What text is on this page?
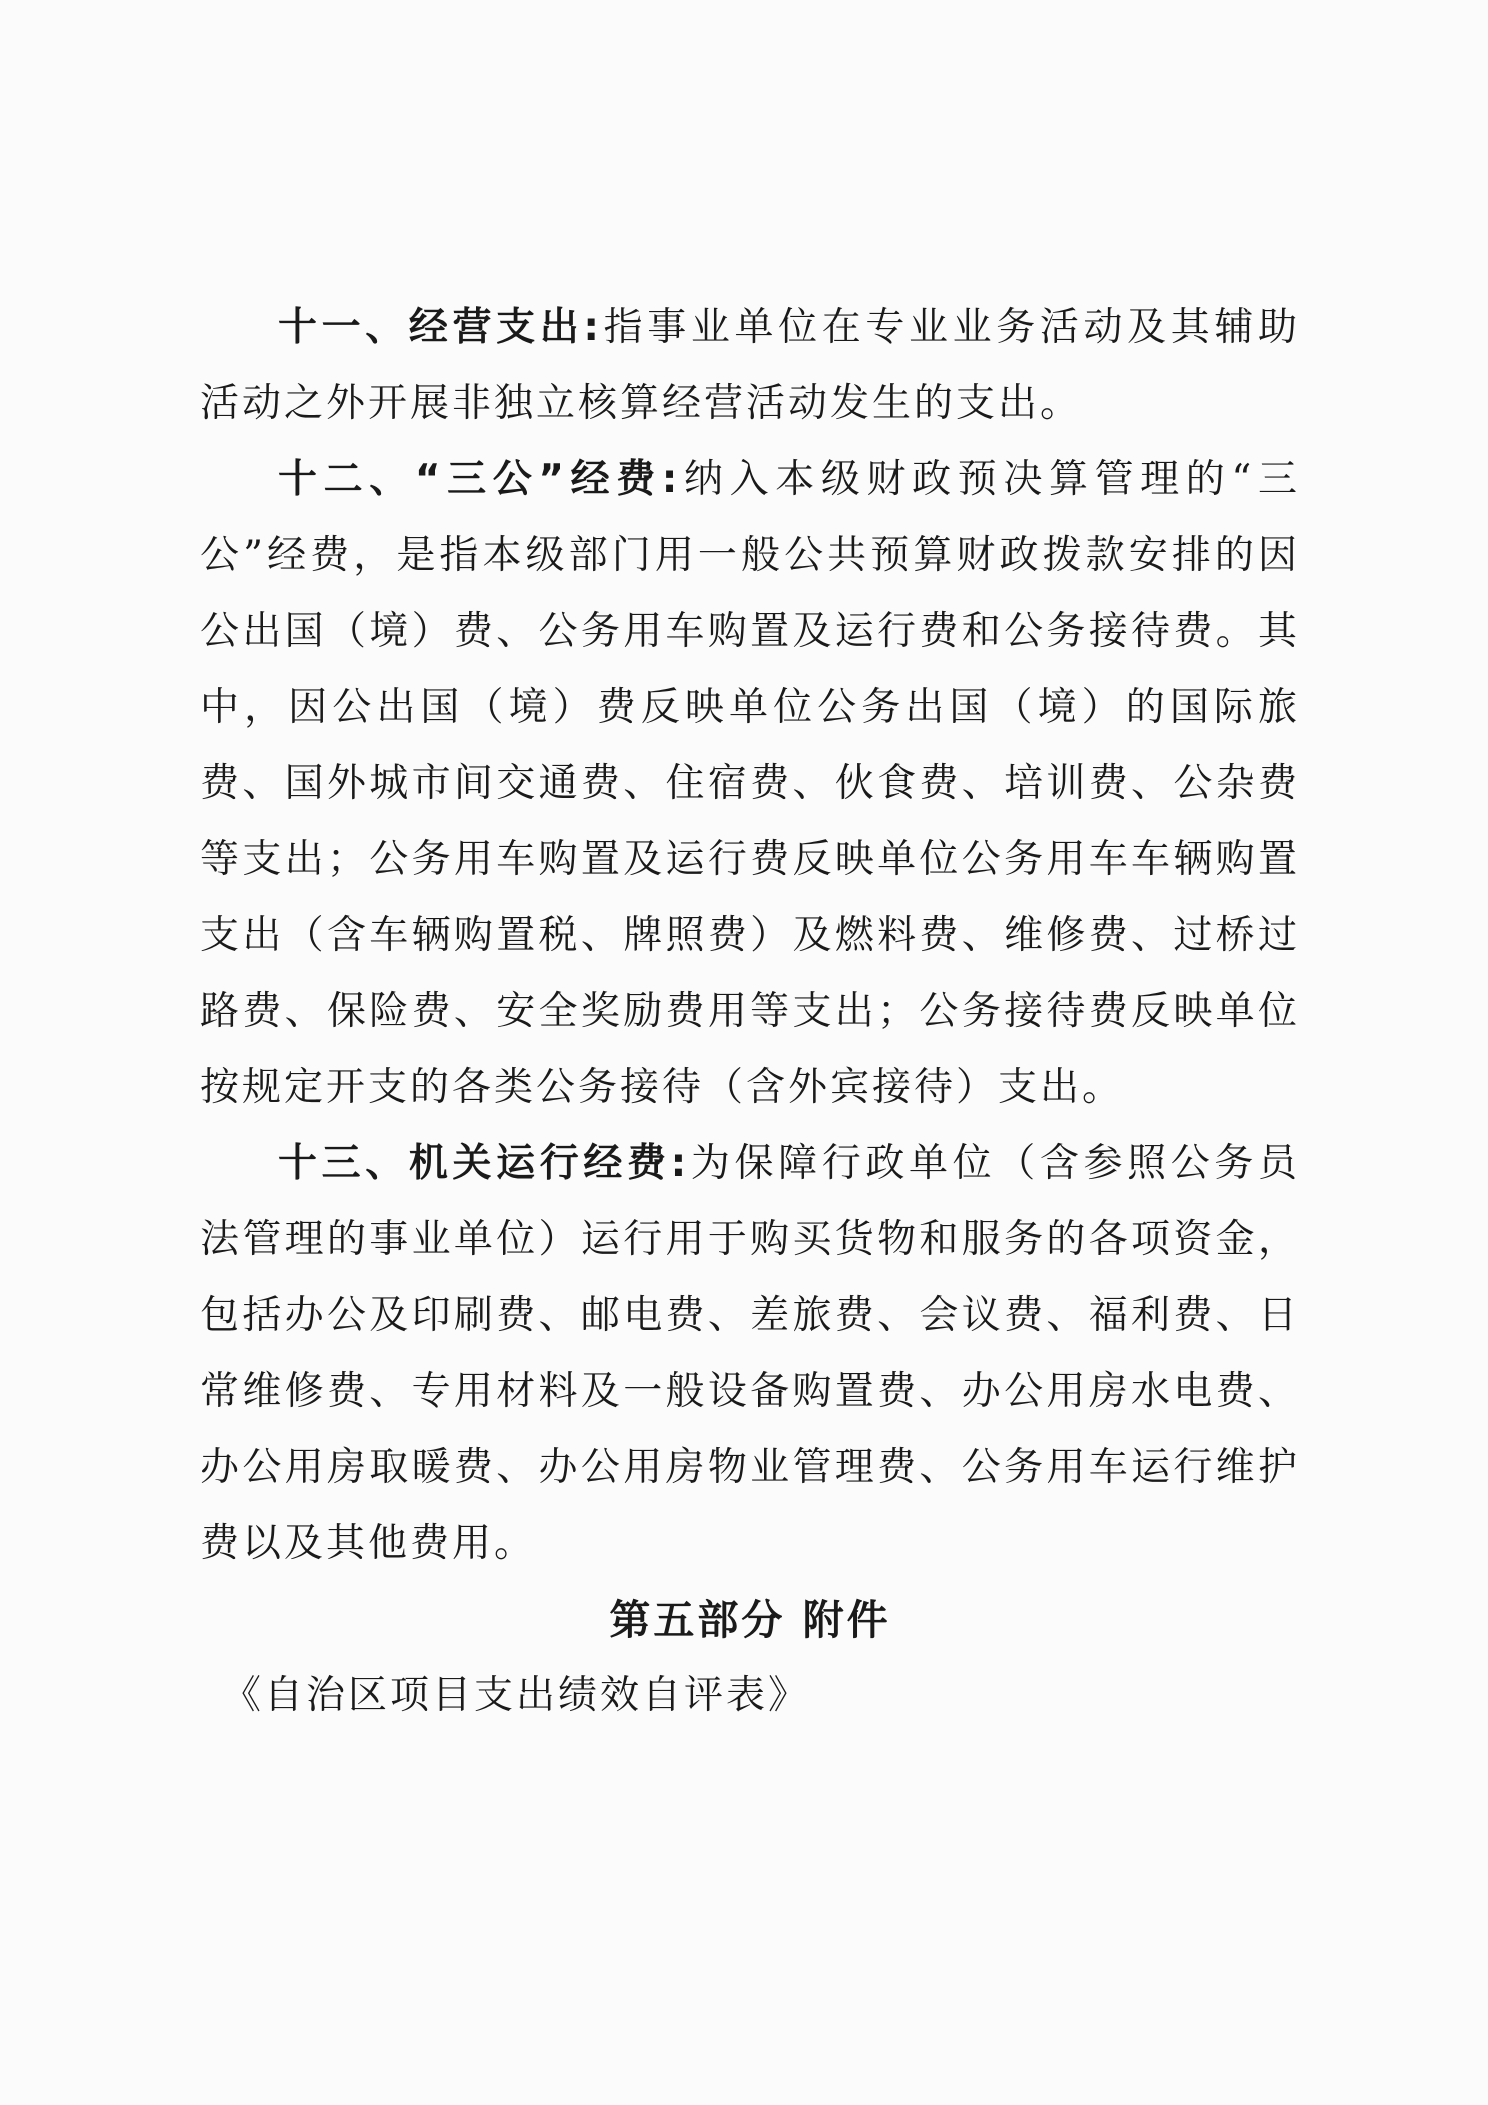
十一、经营支出:指事业单位在专业业务活动及其辅助活动之外开展非独立核算经营活动发生的支出。

十二、“三公”经费:纳入本级财政预决算管理的“三公”经费，是指本级部门用一般公共预算财政拨款安排的因公出国（境）费、公务用车购置及运行费和公务接待费。其中，因公出国（境）费反映单位公务出国（境）的国际旅费、国外城市间交通费、住宿费、伙食费、培训费、公杂费等支出；公务用车购置及运行费反映单位公务用车车辆购置支出（含车辆购置税、牌照费）及燃料费、维修费、过桥过路费、保险费、安全奖励费用等支出；公务接待费反映单位按规定开支的各类公务接待（含外宾接待）支出。

十三、机关运行经费:为保障行政单位（含参照公务员法管理的事业单位）运行用于购买货物和服务的各项资金，包括办公及印刷费、邮电费、差旅费、会议费、福利费、日常维修费、专用材料及一般设备购置费、办公用房水电费、办公用房取暖费、办公用房物业管理费、公务用车运行维护费以及其他费用。

第五部分 附件

《自治区项目支出绩效自评表》
